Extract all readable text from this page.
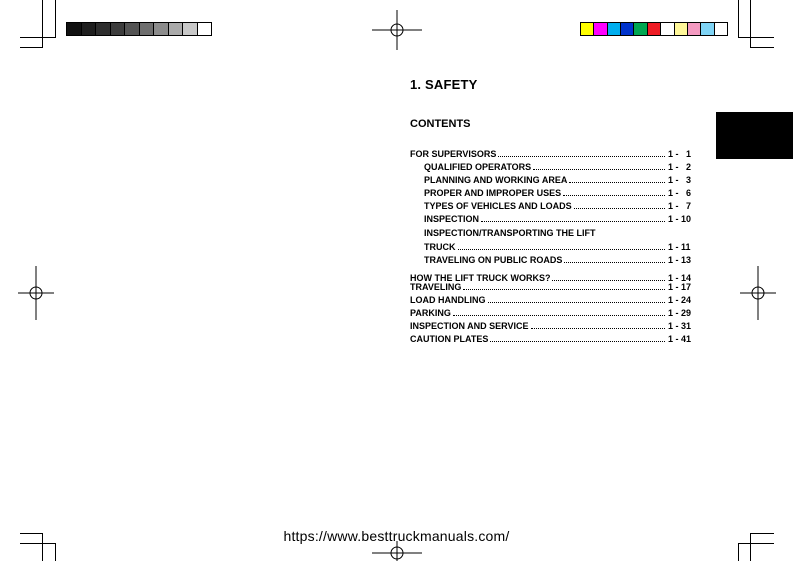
1. SAFETY
CONTENTS
FOR SUPERVISORS	1 -   1
QUALIFIED OPERATORS	1 -   2
PLANNING AND WORKING AREA	1 -   3
PROPER AND IMPROPER USES	1 -   6
TYPES OF VEHICLES AND LOADS	1 -   7
INSPECTION	1 - 10
INSPECTION/TRANSPORTING THE LIFT
TRUCK	1 - 11
TRAVELING ON PUBLIC ROADS	1 - 13
HOW THE LIFT TRUCK WORKS?	1 - 14
TRAVELING	1 - 17
LOAD HANDLING	1 - 24
PARKING	1 - 29
INSPECTION AND SERVICE	1 - 31
CAUTION PLATES	1 - 41
https://www.besttruckmanuals.com/
